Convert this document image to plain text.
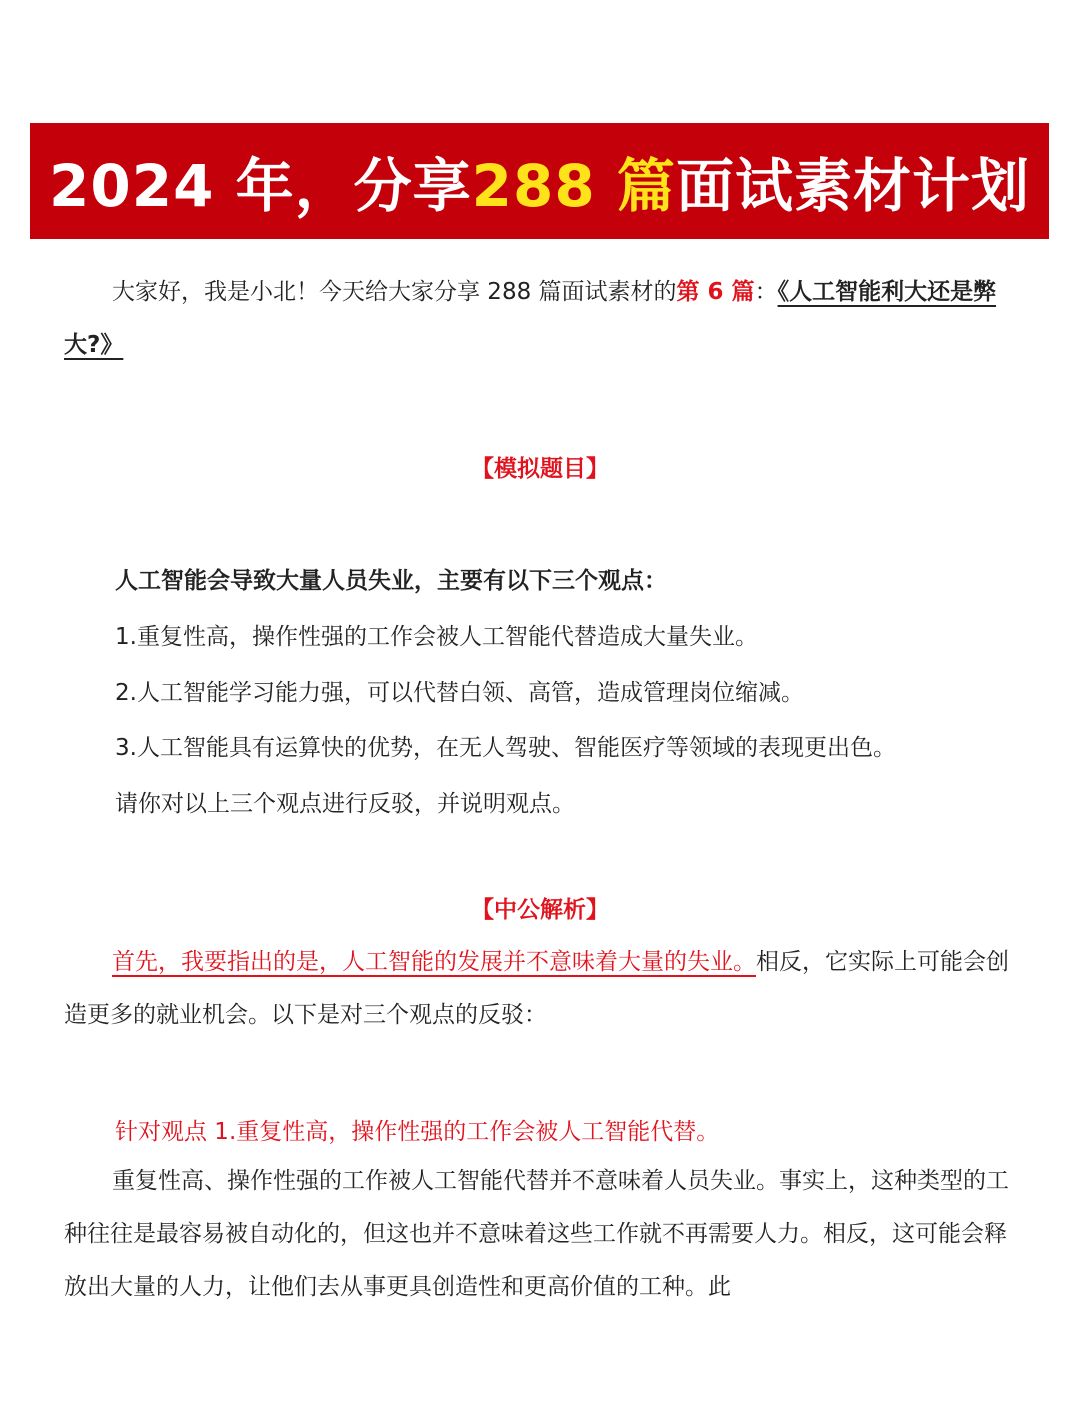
2024 年，分享 288 篇 面试素材计划

大家好，我是小北！今天给大家分享 288 篇面试素材的第 6 篇：《人工智能利大还是弊大?》

【模拟题目】

人工智能会导致大量人员失业，主要有以下三个观点：

1.重复性高，操作性强的工作会被人工智能代替造成大量失业。

2.人工智能学习能力强，可以代替白领、高管，造成管理岗位缩减。

3.人工智能具有运算快的优势，在无人驾驶、智能医疗等领域的表现更出色。

请你对以上三个观点进行反驳，并说明观点。

【中公解析】

首先，我要指出的是，人工智能的发展并不意味着大量的失业。相反，它实际上可能会创造更多的就业机会。以下是对三个观点的反驳：

针对观点 1.重复性高，操作性强的工作会被人工智能代替。

重复性高、操作性强的工作被人工智能代替并不意味着人员失业。事实上，这种类型的工种往往是最容易被自动化的，但这也并不意味着这些工作就不再需要人力。相反，这可能会释放出大量的人力，让他们去从事更具创造性和更高价值的工种。此
